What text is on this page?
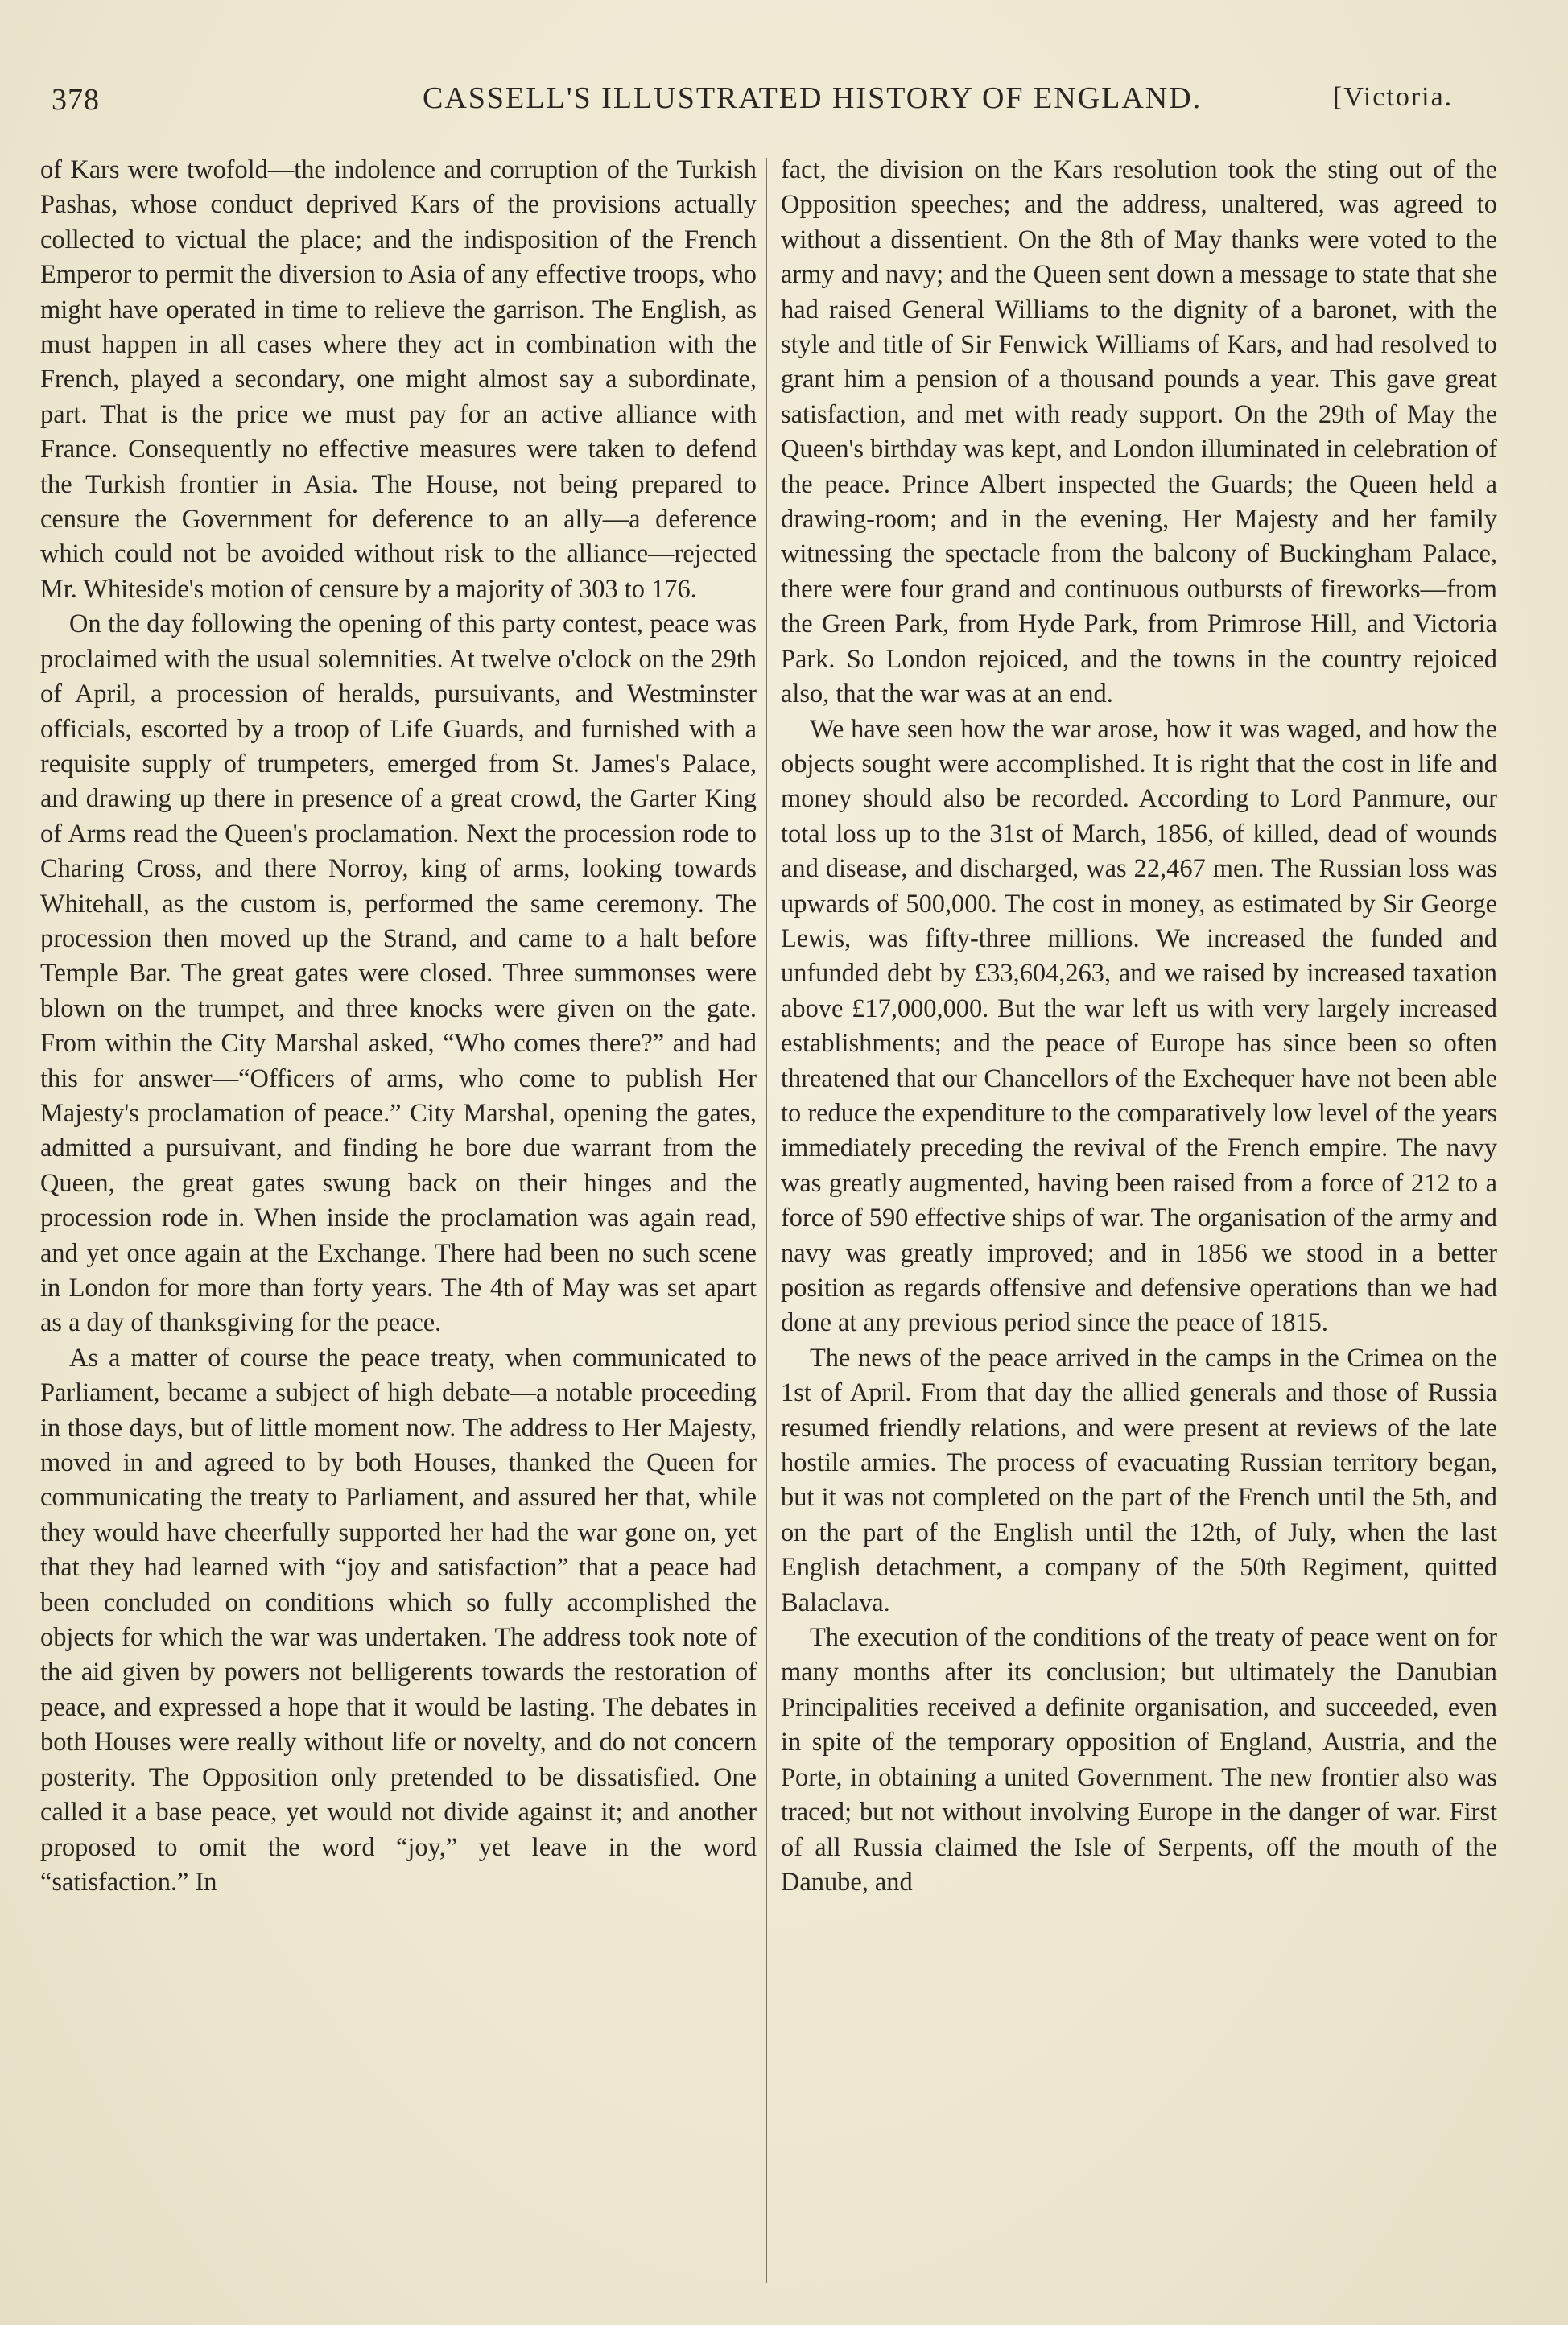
378	CASSELL'S ILLUSTRATED HISTORY OF ENGLAND.	[Victoria.

of Kars were twofold—the indolence and corruption of the Turkish Pashas, whose conduct deprived Kars of the provisions actually collected to victual the place; and the indisposition of the French Emperor to permit the diversion to Asia of any effective troops, who might have operated in time to relieve the garrison. The English, as must happen in all cases where they act in combination with the French, played a secondary, one might almost say a subordinate, part. That is the price we must pay for an active alliance with France. Consequently no effective measures were taken to defend the Turkish frontier in Asia. The House, not being prepared to censure the Government for deference to an ally—a deference which could not be avoided without risk to the alliance—rejected Mr. Whiteside's motion of censure by a majority of 303 to 176.

On the day following the opening of this party contest, peace was proclaimed with the usual solemnities. At twelve o'clock on the 29th of April, a procession of heralds, pursuivants, and Westminster officials, escorted by a troop of Life Guards, and furnished with a requisite supply of trumpeters, emerged from St. James's Palace, and drawing up there in presence of a great crowd, the Garter King of Arms read the Queen's proclamation. Next the procession rode to Charing Cross, and there Norroy, king of arms, looking towards Whitehall, as the custom is, performed the same ceremony. The procession then moved up the Strand, and came to a halt before Temple Bar. The great gates were closed. Three summonses were blown on the trumpet, and three knocks were given on the gate. From within the City Marshal asked, “Who comes there?” and had this for answer—“Officers of arms, who come to publish Her Majesty's proclamation of peace.” City Marshal, opening the gates, admitted a pursuivant, and finding he bore due warrant from the Queen, the great gates swung back on their hinges and the procession rode in. When inside the proclamation was again read, and yet once again at the Exchange. There had been no such scene in London for more than forty years. The 4th of May was set apart as a day of thanksgiving for the peace.

As a matter of course the peace treaty, when communicated to Parliament, became a subject of high debate—a notable proceeding in those days, but of little moment now. The address to Her Majesty, moved in and agreed to by both Houses, thanked the Queen for communicating the treaty to Parliament, and assured her that, while they would have cheerfully supported her had the war gone on, yet that they had learned with “joy and satisfaction” that a peace had been concluded on conditions which so fully accomplished the objects for which the war was undertaken. The address took note of the aid given by powers not belligerents towards the restoration of peace, and expressed a hope that it would be lasting. The debates in both Houses were really without life or novelty, and do not concern posterity. The Opposition only pretended to be dissatisfied. One called it a base peace, yet would not divide against it; and another proposed to omit the word “joy,” yet leave in the word “satisfaction.” In

fact, the division on the Kars resolution took the sting out of the Opposition speeches; and the address, unaltered, was agreed to without a dissentient. On the 8th of May thanks were voted to the army and navy; and the Queen sent down a message to state that she had raised General Williams to the dignity of a baronet, with the style and title of Sir Fenwick Williams of Kars, and had resolved to grant him a pension of a thousand pounds a year. This gave great satisfaction, and met with ready support. On the 29th of May the Queen's birthday was kept, and London illuminated in celebration of the peace. Prince Albert inspected the Guards; the Queen held a drawing-room; and in the evening, Her Majesty and her family witnessing the spectacle from the balcony of Buckingham Palace, there were four grand and continuous outbursts of fireworks—from the Green Park, from Hyde Park, from Primrose Hill, and Victoria Park. So London rejoiced, and the towns in the country rejoiced also, that the war was at an end.

We have seen how the war arose, how it was waged, and how the objects sought were accomplished. It is right that the cost in life and money should also be recorded. According to Lord Panmure, our total loss up to the 31st of March, 1856, of killed, dead of wounds and disease, and discharged, was 22,467 men. The Russian loss was upwards of 500,000. The cost in money, as estimated by Sir George Lewis, was fifty-three millions. We increased the funded and unfunded debt by £33,604,263, and we raised by increased taxation above £17,000,000. But the war left us with very largely increased establishments; and the peace of Europe has since been so often threatened that our Chancellors of the Exchequer have not been able to reduce the expenditure to the comparatively low level of the years immediately preceding the revival of the French empire. The navy was greatly augmented, having been raised from a force of 212 to a force of 590 effective ships of war. The organisation of the army and navy was greatly improved; and in 1856 we stood in a better position as regards offensive and defensive operations than we had done at any previous period since the peace of 1815.

The news of the peace arrived in the camps in the Crimea on the 1st of April. From that day the allied generals and those of Russia resumed friendly relations, and were present at reviews of the late hostile armies. The process of evacuating Russian territory began, but it was not completed on the part of the French until the 5th, and on the part of the English until the 12th, of July, when the last English detachment, a company of the 50th Regiment, quitted Balaclava.

The execution of the conditions of the treaty of peace went on for many months after its conclusion; but ultimately the Danubian Principalities received a definite organisation, and succeeded, even in spite of the temporary opposition of England, Austria, and the Porte, in obtaining a united Government. The new frontier also was traced; but not without involving Europe in the danger of war. First of all Russia claimed the Isle of Serpents, off the mouth of the Danube, and
